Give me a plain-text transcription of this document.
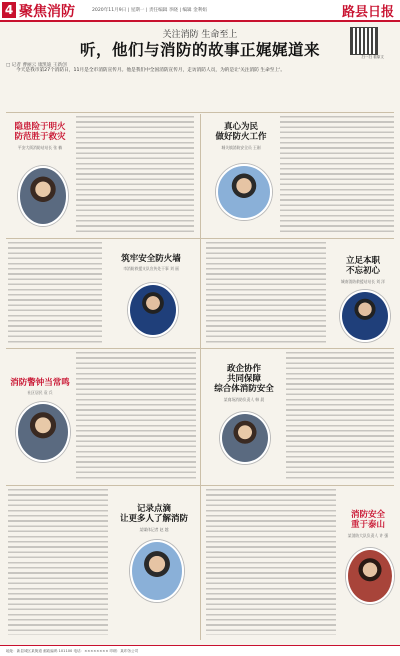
4 聚焦消防	2020年11月9日 | 星期一 | 责任编辑 李晓 | 编辑 金利娟	路县日报
关注消防 生命至上
听，他们与消防的故事正娓娓道来	扫一扫 看原文
□ 记者 曹丽云 康凯迪 王新创
今天是我市第27个消防日，11月是全市消防宣传月。他是我们中全国消防宣传月，走访消防人员，为的是让'关注消防 生命至上'。
隐患险于明火
防范胜于救灾
平安大街消防站站长 张 楠
真心为民
做好防火工作
城关镇消防安全员 王刚
筑牢安全防火墙
市消防救援支队宣传处干事 刘 丽
立足本职
不忘初心
城南消防救援站站长 刘 洋
消防警钟当常鸣
社区居民 袁 兵
政企协作
共同保障
综合体消防安全
某商场消防负责人 韩 晨
记录点滴
让更多人了解消防
某媒体记者 赵 越
消防安全
重于泰山
某消防大队负责人 许 强
地址：新县城区某街道 邮政编码 101100 电话：×××××××× 印刷：某印务公司
